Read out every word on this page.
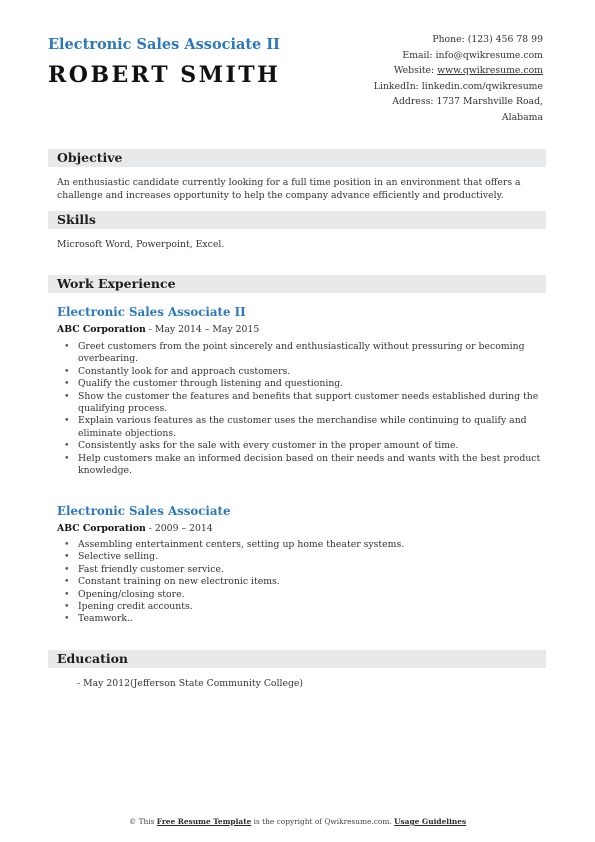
Electronic Sales Associate II
ROBERT SMITH
Phone: (123) 456 78 99
Email: info@qwikresume.com
Website: www.qwikresume.com
LinkedIn: linkedin.com/qwikresume
Address: 1737 Marshville Road,
Alabama
Objective
An enthusiastic candidate currently looking for a full time position in an environment that offers a challenge and increases opportunity to help the company advance efficiently and productively.
Skills
Microsoft Word, Powerpoint, Excel.
Work Experience
Electronic Sales Associate II
ABC Corporation - May 2014 – May 2015
• Greet customers from the point sincerely and enthusiastically without pressuring or becoming overbearing.
• Constantly look for and approach customers.
• Qualify the customer through listening and questioning.
• Show the customer the features and benefits that support customer needs established during the qualifying process.
• Explain various features as the customer uses the merchandise while continuing to qualify and eliminate objections.
• Consistently asks for the sale with every customer in the proper amount of time.
• Help customers make an informed decision based on their needs and wants with the best product knowledge.
Electronic Sales Associate
ABC Corporation - 2009 – 2014
• Assembling entertainment centers, setting up home theater systems.
• Selective selling.
• Fast friendly customer service.
• Constant training on new electronic items.
• Opening/closing store.
• Ipening credit accounts.
• Teamwork..
Education
- May 2012(Jefferson State Community College)
© This Free Resume Template is the copyright of Qwikresume.com. Usage Guidelines
